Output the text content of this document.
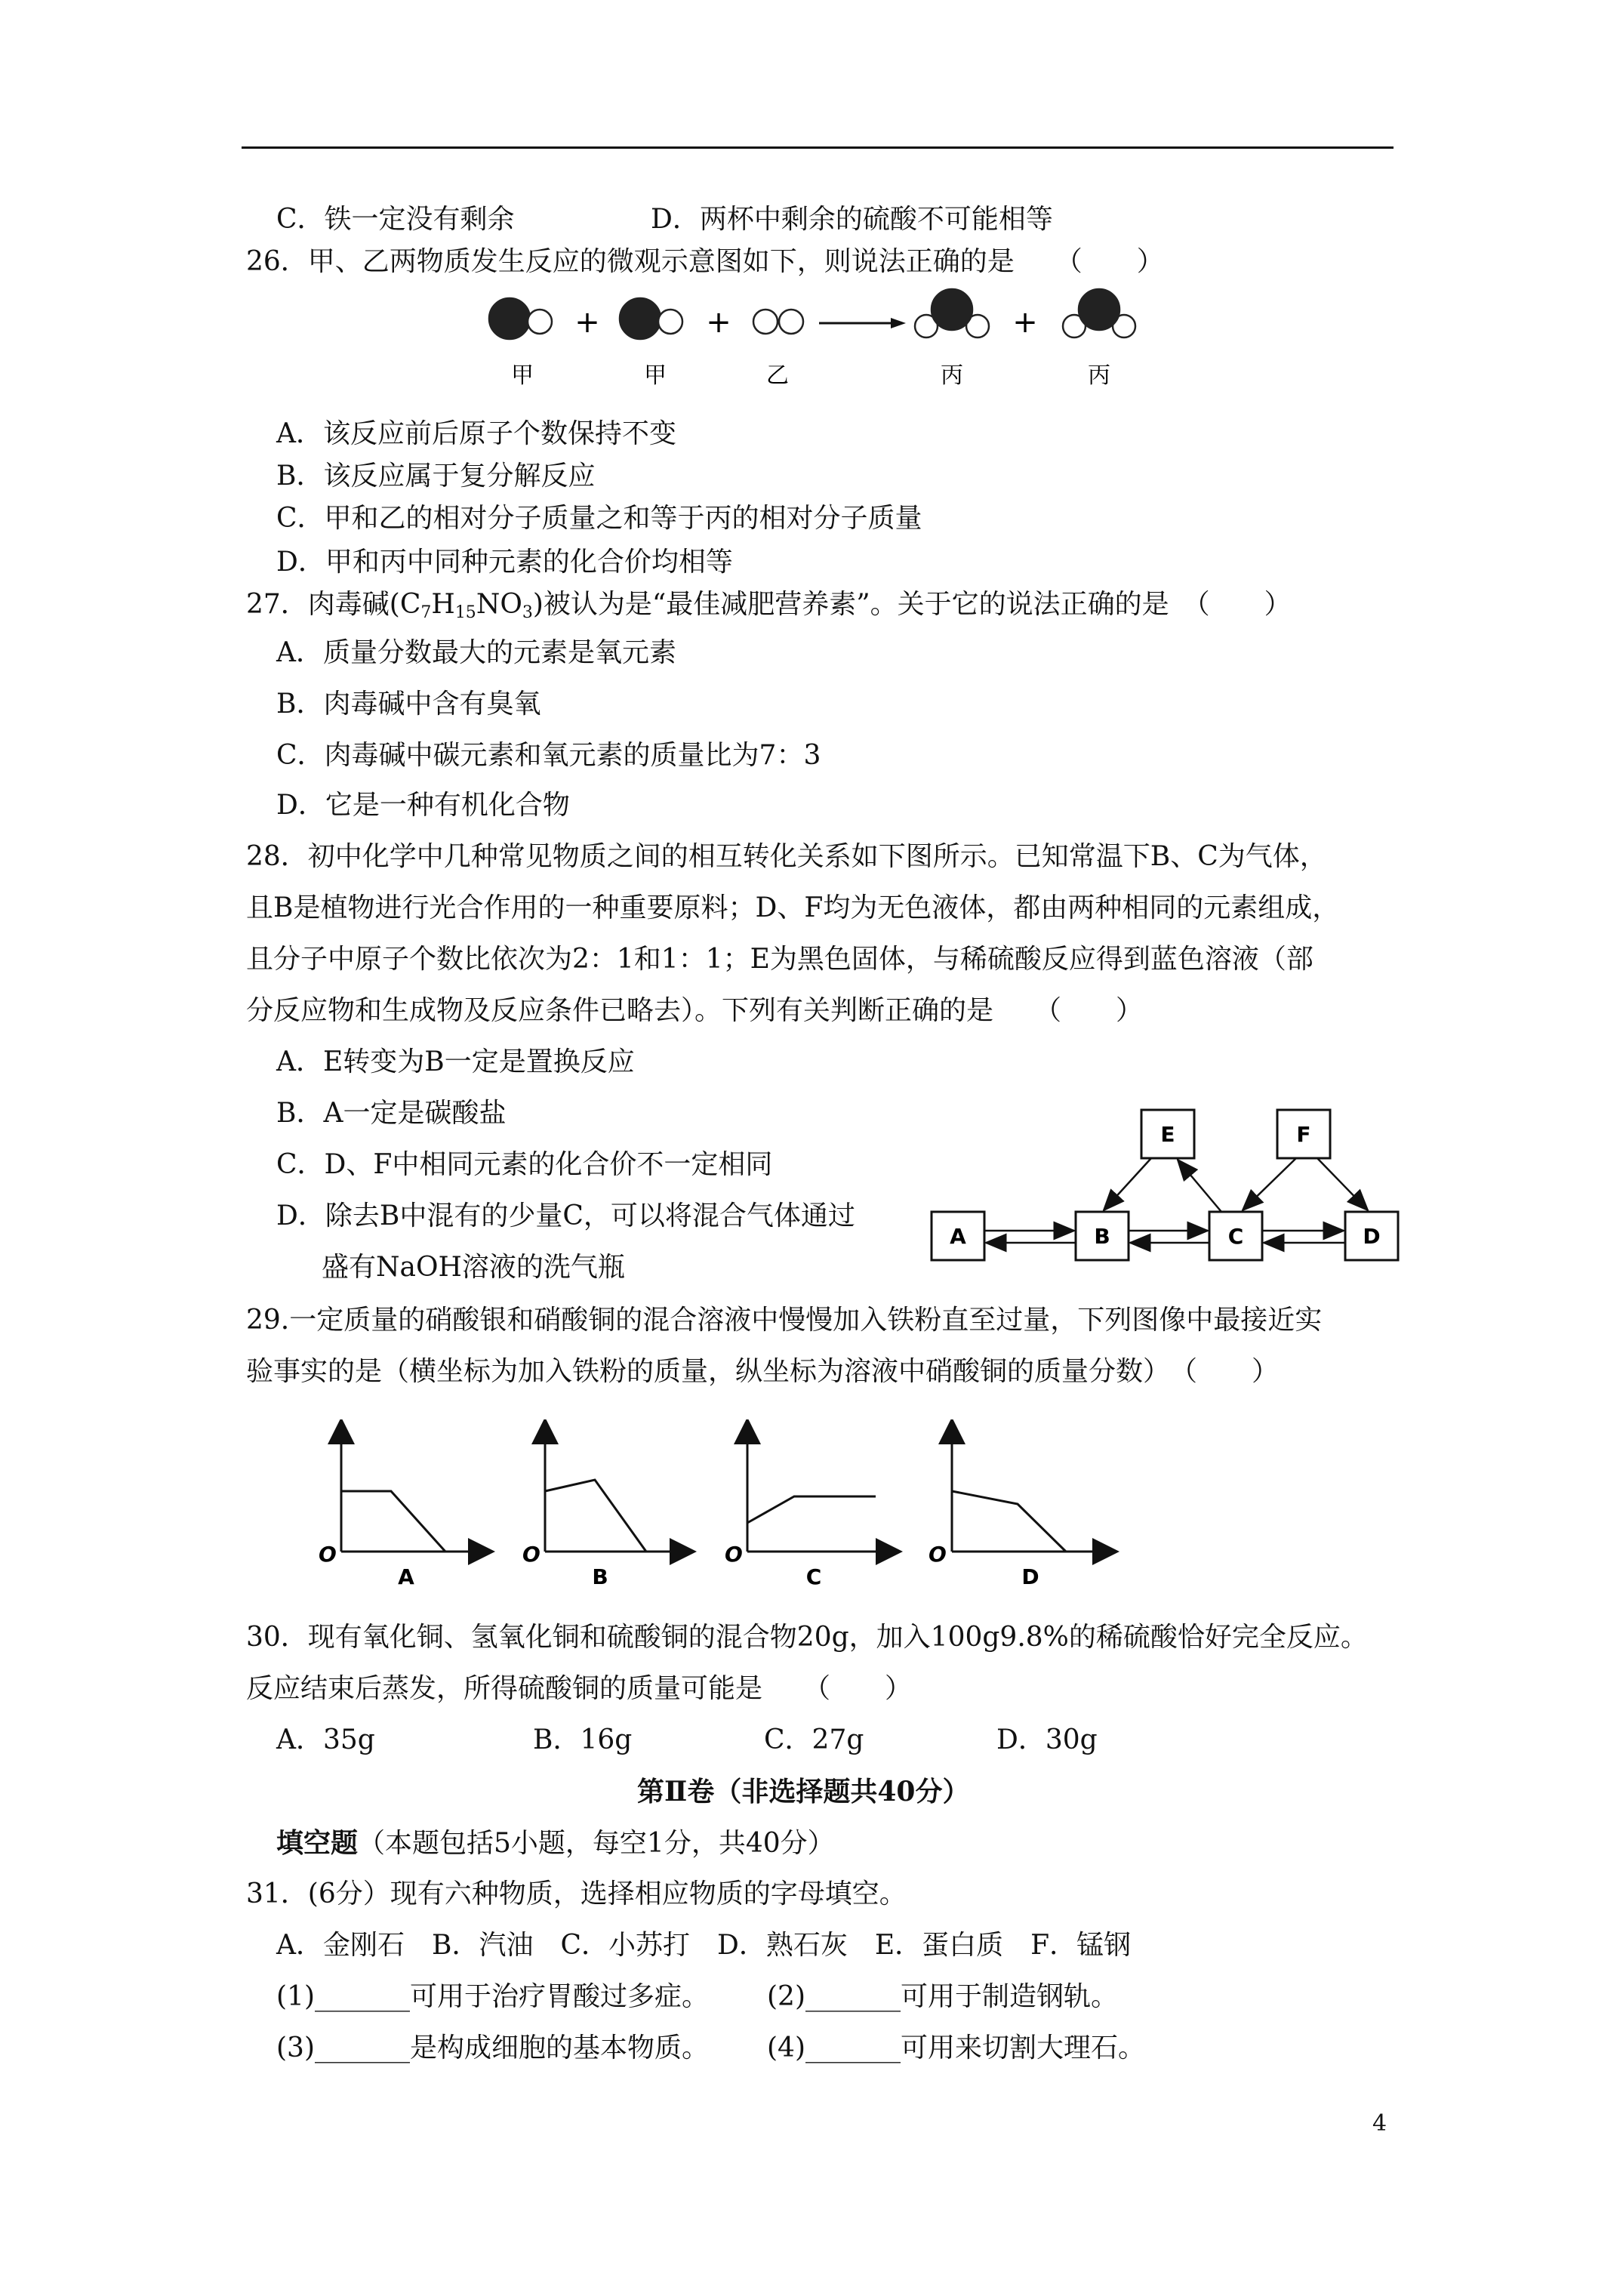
C．铁一定没有剩余	D．两杯中剩余的硫酸不可能相等
26．甲、乙两物质发生反应的微观示意图如下，则说法正确的是　　（　　）
+	+	+
甲	甲	乙	丙	丙
A．该反应前后原子个数保持不变
B．该反应属于复分解反应
C．甲和乙的相对分子质量之和等于丙的相对分子质量
D．甲和丙中同种元素的化合价均相等
27．肉毒碱$(C_7H_{15}NO_3)$被认为是“最佳减肥营养素”。关于它的说法正确的是　（　　）
A．质量分数最大的元素是氧元素
B．肉毒碱中含有臭氧
C．肉毒碱中碳元素和氧元素的质量比为7：3
D．它是一种有机化合物
28．初中化学中几种常见物质之间的相互转化关系如下图所示。已知常温下B、C为气体，
且B是植物进行光合作用的一种重要原料；D、F均为无色液体，都由两种相同的元素组成，
且分子中原子个数比依次为2：1和1：1；E为黑色固体，与稀硫酸反应得到蓝色溶液（部
分反应物和生成物及反应条件已略去）。下列有关判断正确的是　　（　　）
A．E转变为B一定是置换反应
B．A一定是碳酸盐
C．D、F中相同元素的化合价不一定相同
D．除去B中混有的少量C，可以将混合气体通过
盛有NaOH溶液的洗气瓶
A	B	C	D
E	F
29.一定质量的硝酸银和硝酸铜的混合溶液中慢慢加入铁粉直至过量，下列图像中最接近实
验事实的是（横坐标为加入铁粉的质量，纵坐标为溶液中硝酸铜的质量分数）　（　　）
O	O	O	O
A	B	C	D
30．现有氧化铜、氢氧化铜和硫酸铜的混合物20g，加入100g9.8%的稀硫酸恰好完全反应。
反应结束后蒸发，所得硫酸铜的质量可能是　　（　　）
A．35g	B．16g	C．27g	D．30g
第Ⅱ卷（非选择题共40分）
填空题（本题包括5小题，每空1分，共40分）
31．(6分）现有六种物质，选择相应物质的字母填空。
A．金刚石　B．汽油　C．小苏打　D．熟石灰　E．蛋白质　F．锰钢
(1)_______可用于治疗胃酸过多症。 (2)_______可用于制造钢轨。
(3)_______是构成细胞的基本物质。 (4)_______可用来切割大理石。
4
